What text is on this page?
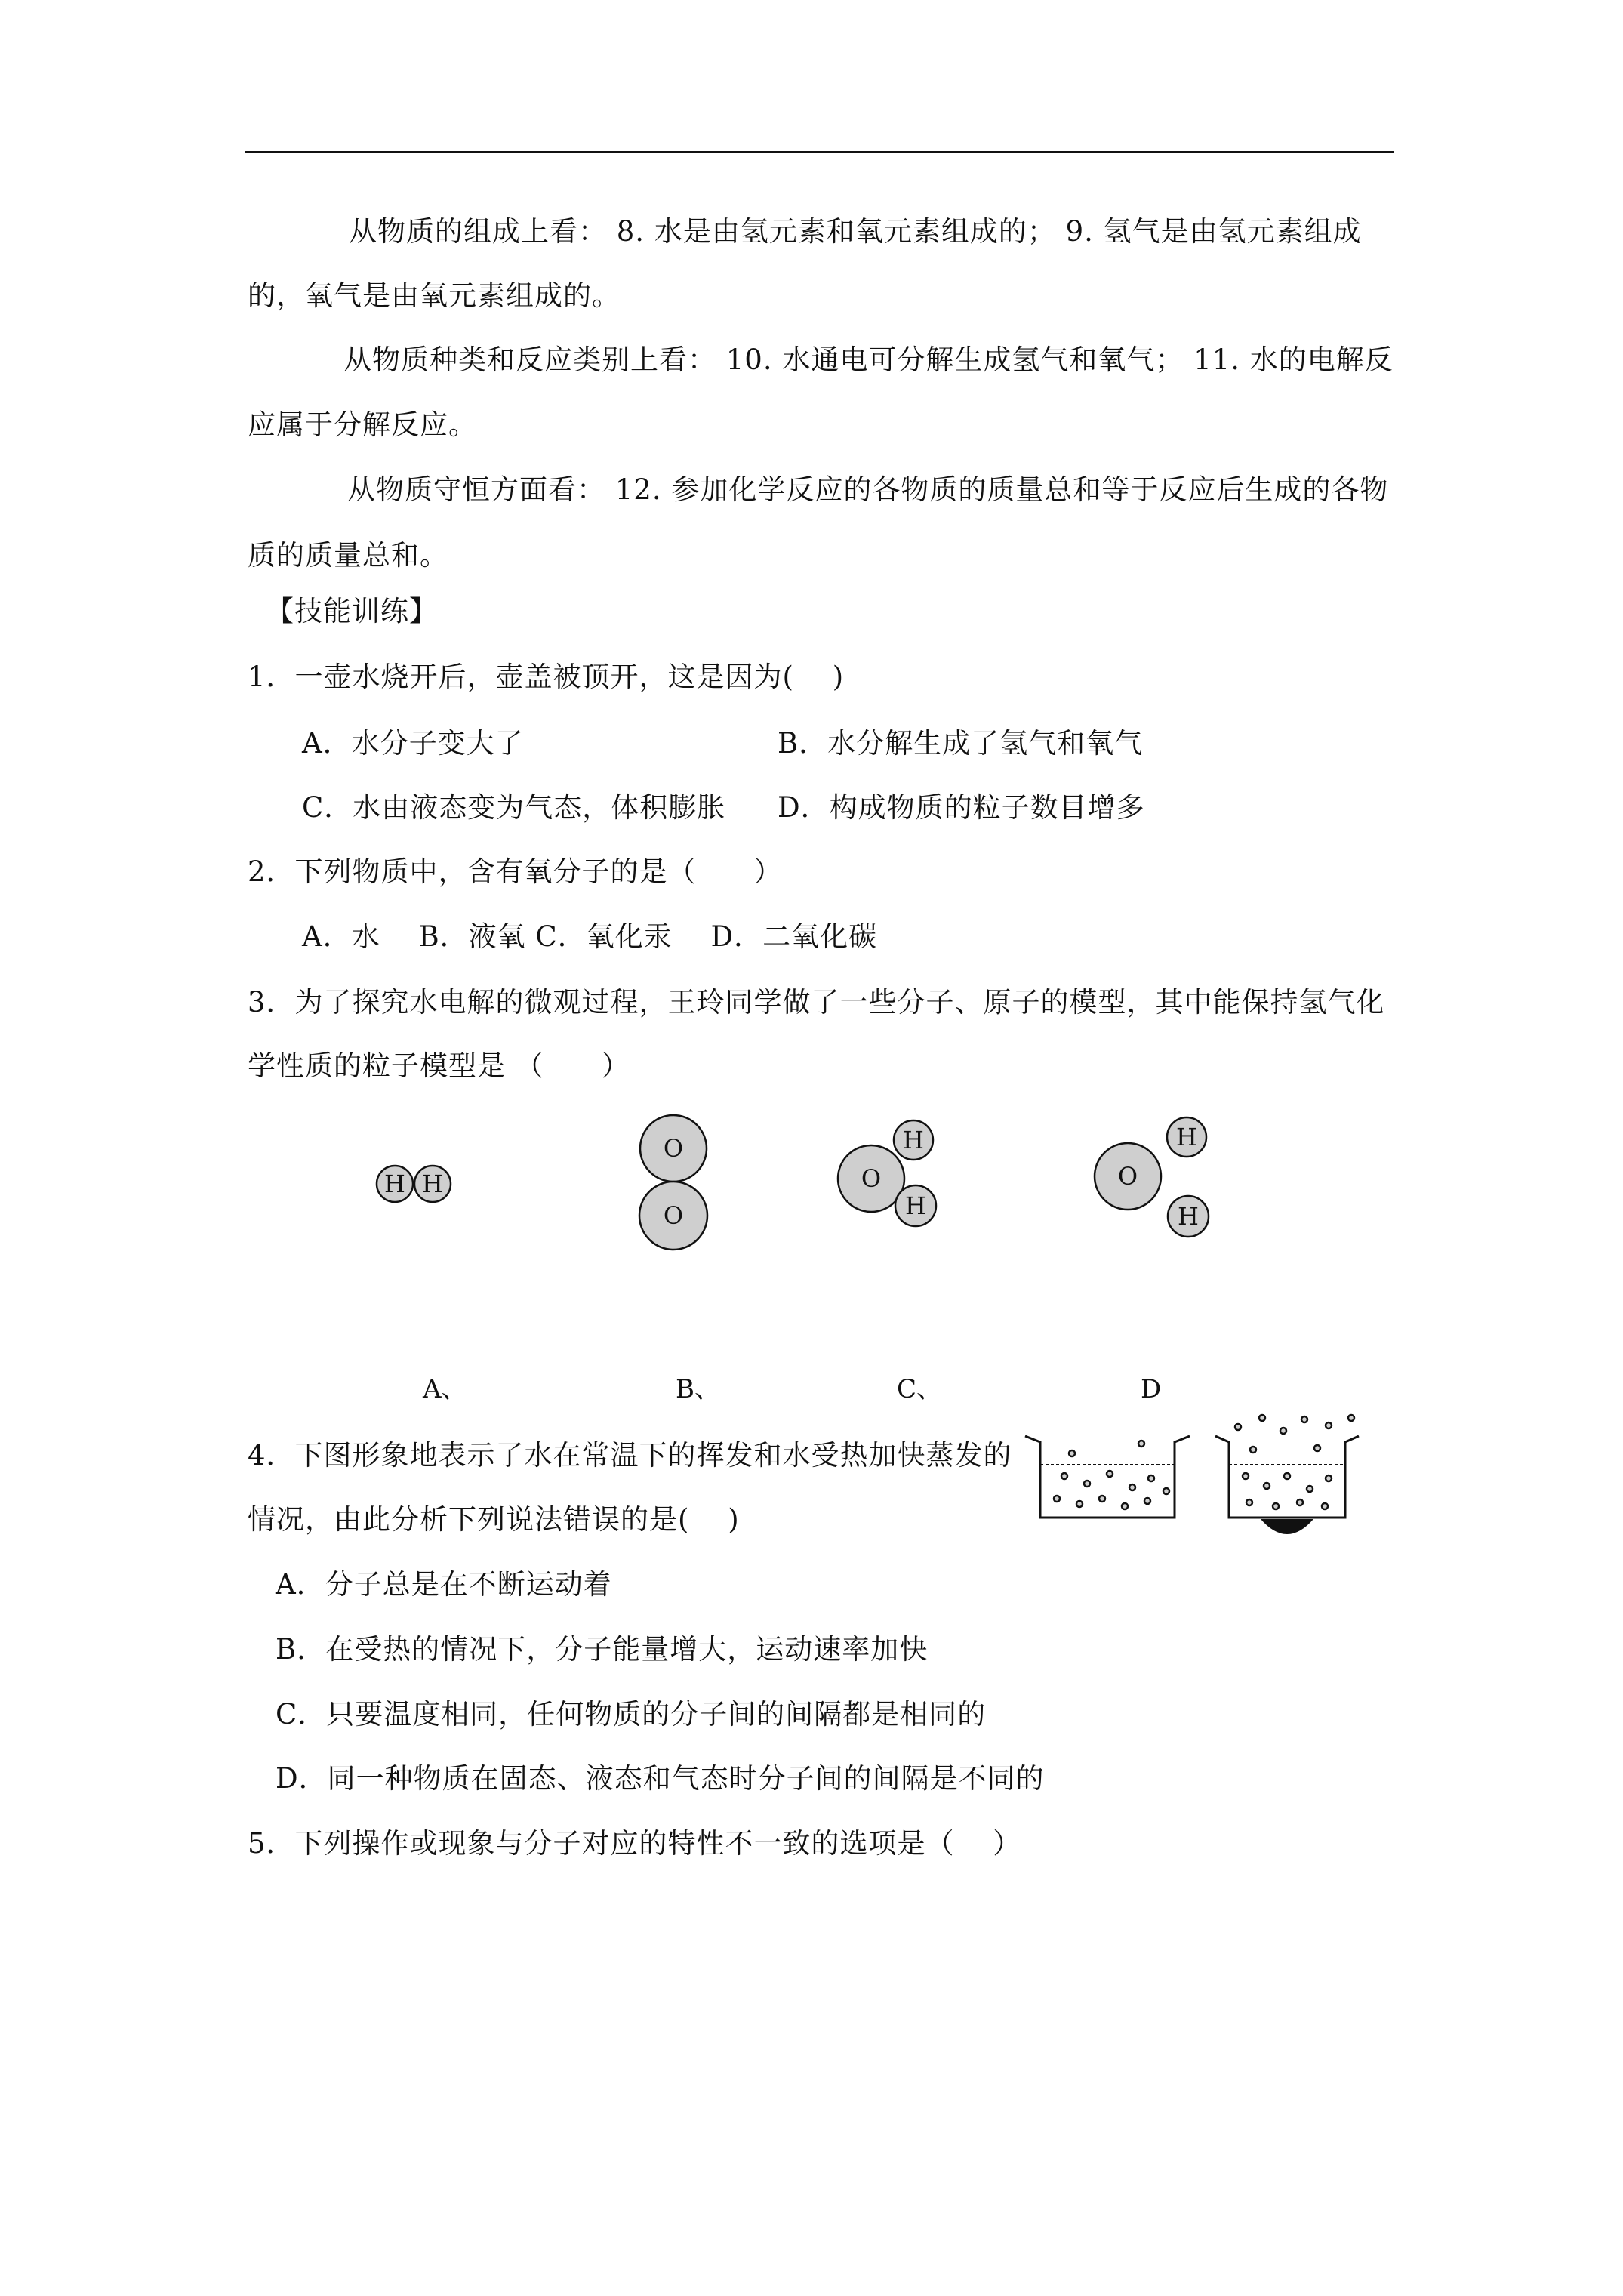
从物质的组成上看： 8. 水是由氢元素和氧元素组成的； 9. 氢气是由氢元素组成
的，氧气是由氧元素组成的。
从物质种类和反应类别上看： 10. 水通电可分解生成氢气和氧气； 11. 水的电解反
应属于分解反应。
从物质守恒方面看： 12. 参加化学反应的各物质的质量总和等于反应后生成的各物
质的质量总和。
【技能训练】
1．一壶水烧开后，壶盖被顶开，这是因为(　 )
A．水分子变大了	B．水分解生成了氢气和氧气
C．水由液态变为气态，体积膨胀 D．构成物质的粒子数目增多
2．下列物质中，含有氧分子的是（　　）
A．水　 B．液氧 C．氧化汞　 D．二氧化碳
3．为了探究水电解的微观过程，王玲同学做了一些分子、原子的模型，其中能保持氢气化
学性质的粒子模型是 （　　）
H H
O
O
O
H
H
O
H
H
A、	B、	C、	D
4．下图形象地表示了水在常温下的挥发和水受热加快蒸发的
情况，由此分析下列说法错误的是(　 )
A．分子总是在不断运动着
B．在受热的情况下，分子能量增大，运动速率加快
C．只要温度相同，任何物质的分子间的间隔都是相同的
D．同一种物质在固态、液态和气态时分子间的间隔是不同的
5．下列操作或现象与分子对应的特性不一致的选项是（　 ）
